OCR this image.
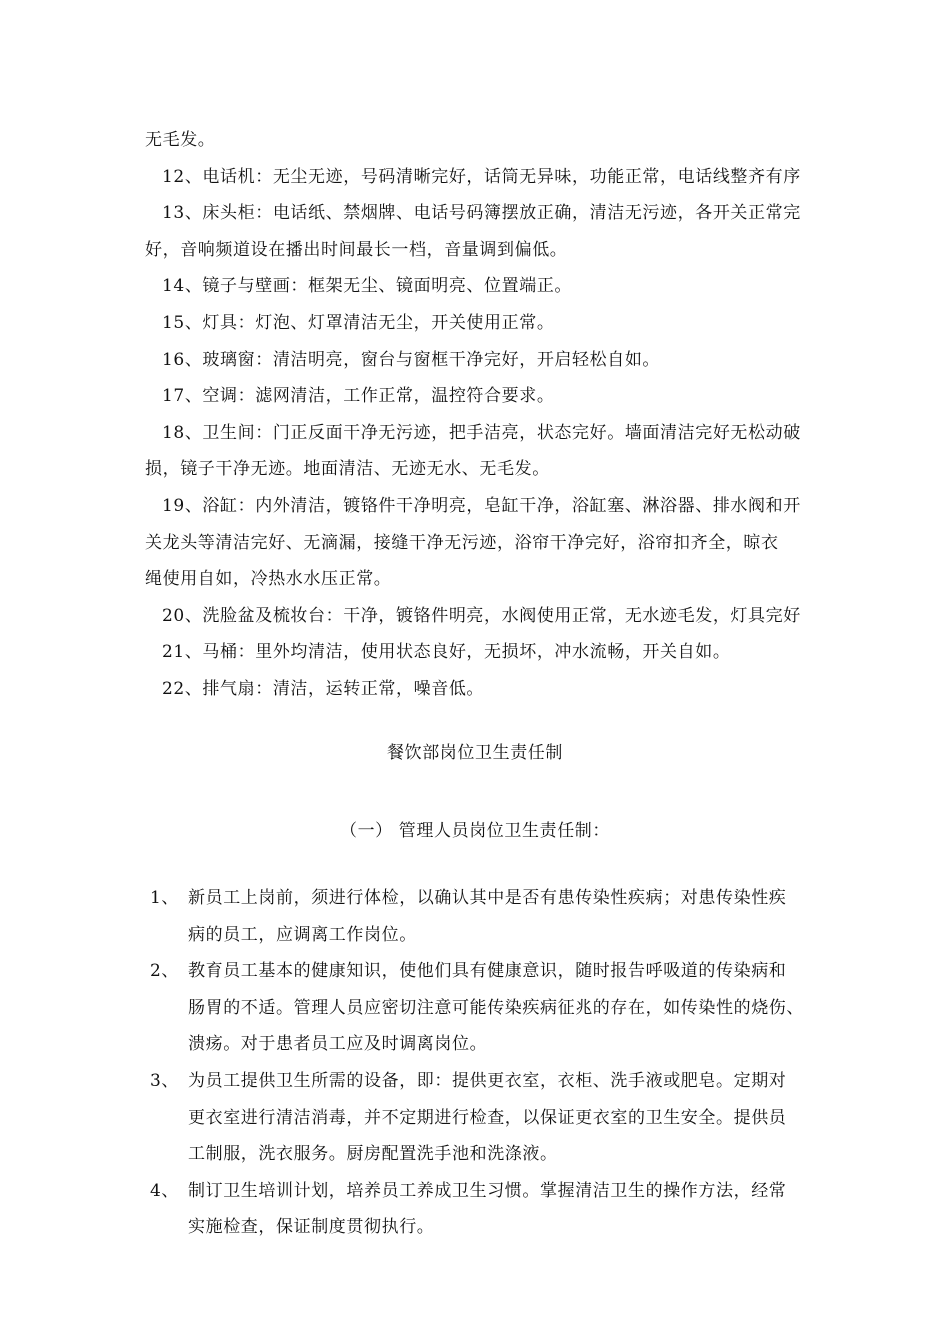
无毛发。
12、电话机：无尘无迹，号码清晰完好，话筒无异味，功能正常，电话线整齐有序
13、床头柜：电话纸、禁烟牌、电话号码簿摆放正确，清洁无污迹，各开关正常完
好，音响频道设在播出时间最长一档，音量调到偏低。
14、镜子与壁画：框架无尘、镜面明亮、位置端正。
15、灯具：灯泡、灯罩清洁无尘，开关使用正常。
16、玻璃窗：清洁明亮，窗台与窗框干净完好，开启轻松自如。
17、空调：滤网清洁，工作正常，温控符合要求。
18、卫生间：门正反面干净无污迹，把手洁亮，状态完好。墙面清洁完好无松动破
损，镜子干净无迹。地面清洁、无迹无水、无毛发。
19、浴缸：内外清洁，镀铬件干净明亮，皂缸干净，浴缸塞、淋浴器、排水阀和开
关龙头等清洁完好、无滴漏，接缝干净无污迹，浴帘干净完好，浴帘扣齐全，晾衣
绳使用自如，冷热水水压正常。
20、洗脸盆及梳妆台：干净，镀铬件明亮，水阀使用正常，无水迹毛发，灯具完好
21、马桶：里外均清洁，使用状态良好，无损坏，冲水流畅，开关自如。
22、排气扇：清洁，运转正常，噪音低。
餐饮部岗位卫生责任制
（一） 管理人员岗位卫生责任制：
1、 新员工上岗前，须进行体检，以确认其中是否有患传染性疾病；对患传染性疾
病的员工，应调离工作岗位。
2、 教育员工基本的健康知识，使他们具有健康意识，随时报告呼吸道的传染病和
肠胃的不适。管理人员应密切注意可能传染疾病征兆的存在，如传染性的烧伤、
溃疡。对于患者员工应及时调离岗位。
3、 为员工提供卫生所需的设备，即：提供更衣室，衣柜、洗手液或肥皂。定期对
更衣室进行清洁消毒，并不定期进行检查，以保证更衣室的卫生安全。提供员
工制服，洗衣服务。厨房配置洗手池和洗涤液。
4、 制订卫生培训计划，培养员工养成卫生习惯。掌握清洁卫生的操作方法，经常
实施检查，保证制度贯彻执行。
